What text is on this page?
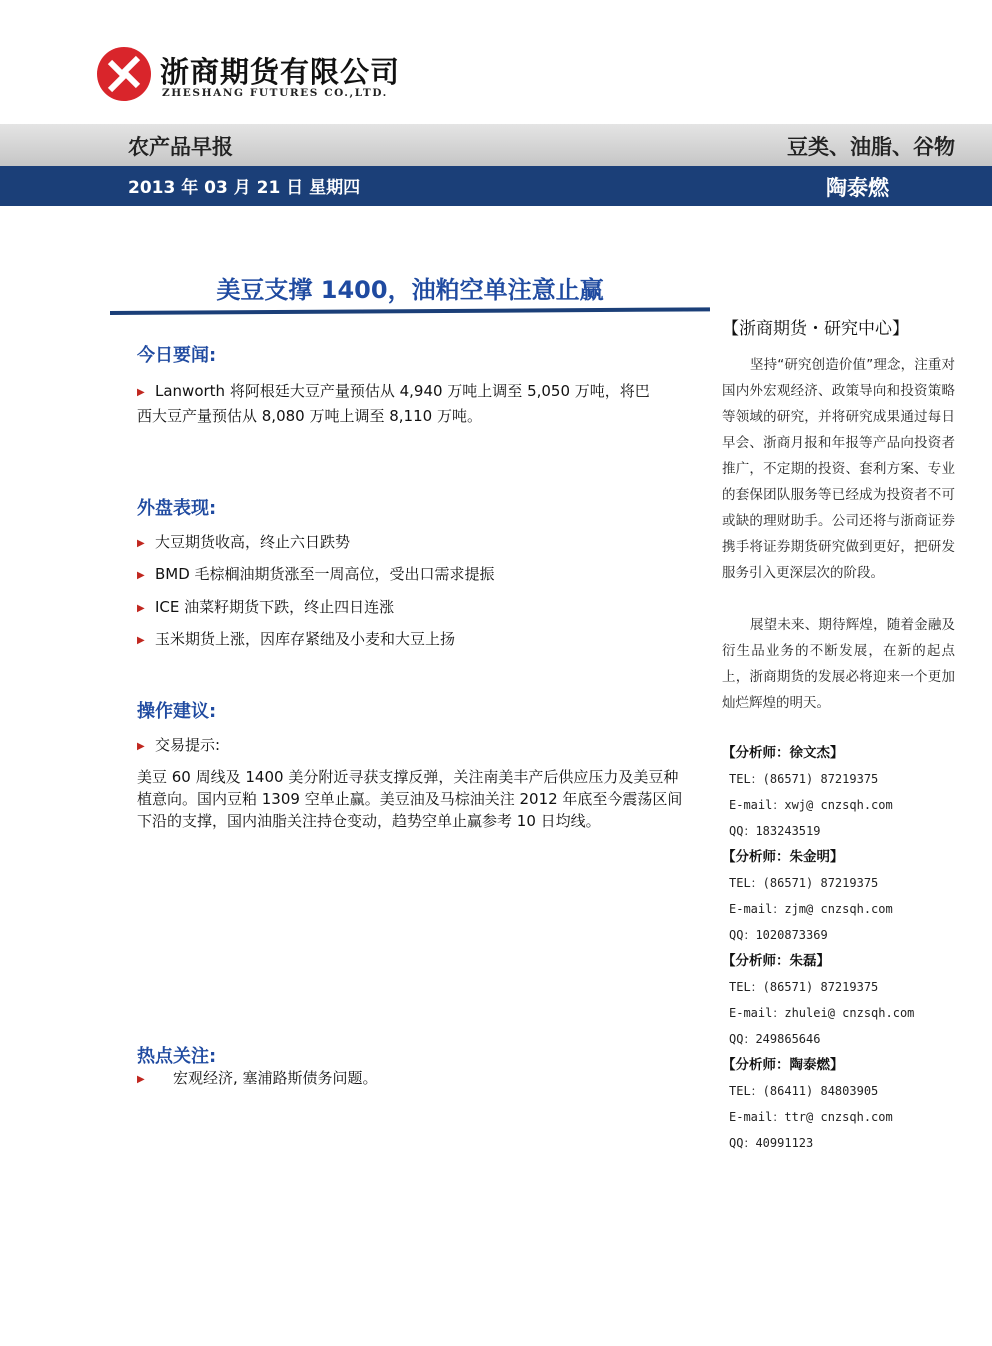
浙商期货有限公司
ZHESHANG FUTURES CO.,LTD.
农产品早报	豆类、油脂、谷物
2013 年 03 月 21 日 星期四	陶泰燃
美豆支撑 1400，油粕空单注意止赢
今日要闻:
▶ Lanworth 将阿根廷大豆产量预估从 4,940 万吨上调至 5,050 万吨，将巴
西大豆产量预估从 8,080 万吨上调至 8,110 万吨。
外盘表现:
▶ 大豆期货收高，终止六日跌势
▶ BMD 毛棕榈油期货涨至一周高位，受出口需求提振
▶ ICE 油菜籽期货下跌，终止四日连涨
▶ 玉米期货上涨，因库存紧绌及小麦和大豆上扬
操作建议:
▶ 交易提示:
美豆 60 周线及 1400 美分附近寻获支撑反弹，关注南美丰产后供应压力及美豆种植意向。国内豆粕 1309 空单止赢。美豆油及马棕油关注 2012 年底至今震荡区间下沿的支撑，国内油脂关注持仓变动，趋势空单止赢参考 10 日均线。
热点关注:
▶ 宏观经济, 塞浦路斯债务问题。
【浙商期货・研究中心】
坚持“研究创造价值”理念，注重对国内外宏观经济、政策导向和投资策略等领域的研究，并将研究成果通过每日早会、浙商月报和年报等产品向投资者推广，不定期的投资、套利方案、专业的套保团队服务等已经成为投资者不可或缺的理财助手。公司还将与浙商证券携手将证券期货研究做到更好，把研发服务引入更深层次的阶段。
展望未来、期待辉煌，随着金融及衍生品业务的不断发展，在新的起点上，浙商期货的发展必将迎来一个更加灿烂辉煌的明天。
【分析师：徐文杰】
TEL：(86571) 87219375
E-mail：xwj@ cnzsqh.com
QQ：183243519
【分析师：朱金明】
TEL：(86571) 87219375
E-mail：zjm@ cnzsqh.com
QQ：1020873369
【分析师：朱磊】
TEL：(86571) 87219375
E-mail：zhulei@ cnzsqh.com
QQ：249865646
【分析师：陶泰燃】
TEL：(86411) 84803905
E-mail：ttr@ cnzsqh.com
QQ：40991123
